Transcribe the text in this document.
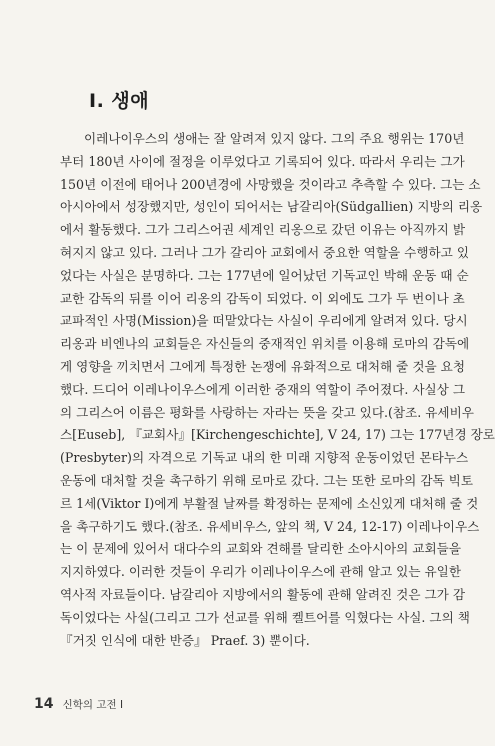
I. 생애
이레나이우스의 생애는 잘 알려져 있지 않다. 그의 주요 행위는 170년
부터 180년 사이에 절정을 이루었다고 기록되어 있다. 따라서 우리는 그가
150년 이전에 태어나 200년경에 사망했을 것이라고 추측할 수 있다. 그는 소
아시아에서 성장했지만, 성인이 되어서는 남갈리아(Südgallien) 지방의 리옹
에서 활동했다. 그가 그리스어권 세계인 리옹으로 갔던 이유는 아직까지 밝
혀지지 않고 있다. 그러나 그가 갈리아 교회에서 중요한 역할을 수행하고 있
었다는 사실은 분명하다. 그는 177년에 일어났던 기독교인 박해 운동 때 순
교한 감독의 뒤를 이어 리옹의 감독이 되었다. 이 외에도 그가 두 번이나 초
교파적인 사명(Mission)을 떠맡았다는 사실이 우리에게 알려져 있다. 당시
리옹과 비엔나의 교회들은 자신들의 중재적인 위치를 이용해 로마의 감독에
게 영향을 끼치면서 그에게 특정한 논쟁에 유화적으로 대처해 줄 것을 요청
했다. 드디어 이레나이우스에게 이러한 중재의 역할이 주어졌다. 사실상 그
의 그리스어 이름은 평화를 사랑하는 자라는 뜻을 갖고 있다.(참조. 유세비우
스[Euseb], 『교회사』[Kirchengeschichte], V 24, 17) 그는 177년경 장로
(Presbyter)의 자격으로 기독교 내의 한 미래 지향적 운동이었던 몬타누스
운동에 대처할 것을 촉구하기 위해 로마로 갔다. 그는 또한 로마의 감독 빅토
르 1세(Viktor I)에게 부활절 날짜를 확정하는 문제에 소신있게 대처해 줄 것
을 촉구하기도 했다.(참조. 유세비우스, 앞의 책, V 24, 12-17) 이레나이우스
는 이 문제에 있어서 대다수의 교회와 견해를 달리한 소아시아의 교회들을
지지하였다. 이러한 것들이 우리가 이레나이우스에 관해 알고 있는 유일한
역사적 자료들이다. 남갈리아 지방에서의 활동에 관해 알려진 것은 그가 감
독이었다는 사실(그리고 그가 선교를 위해 켈트어를 익혔다는 사실. 그의 책
『거짓 인식에 대한 반증』 Praef. 3) 뿐이다.
14 신학의 고전 I
